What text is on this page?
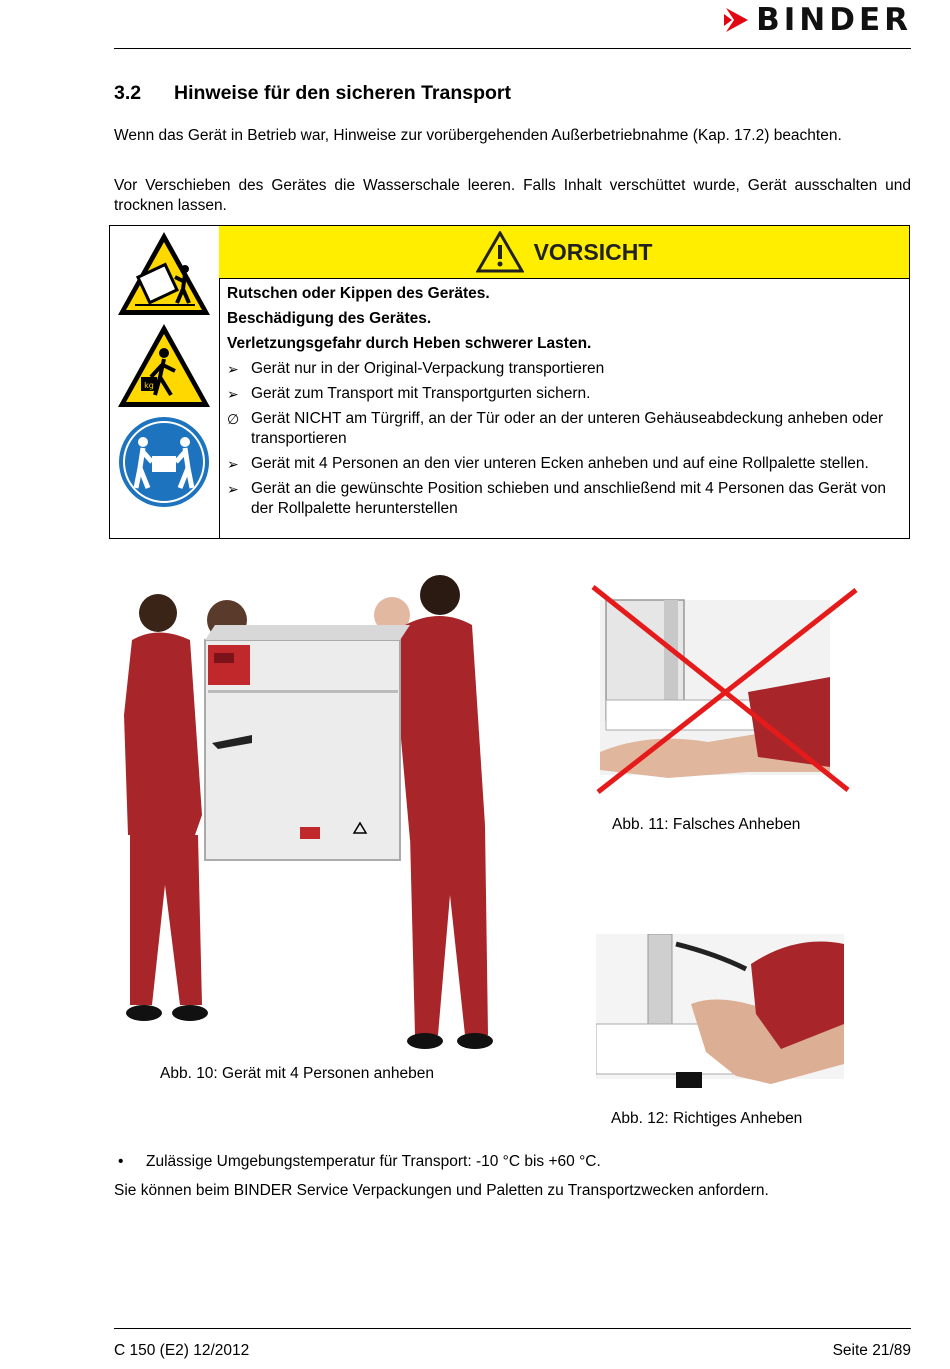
BINDER
3.2 Hinweise für den sicheren Transport
Wenn das Gerät in Betrieb war, Hinweise zur vorübergehenden Außerbetriebnahme (Kap. 17.2) beachten.
Vor Verschieben des Gerätes die Wasserschale leeren. Falls Inhalt verschüttet wurde, Gerät ausschalten und trocknen lassen.
kg
VORSICHT
Rutschen oder Kippen des Gerätes.
Beschädigung des Gerätes.
Verletzungsgefahr durch Heben schwerer Lasten.
➢ Gerät nur in der Original-Verpackung transportieren
➢ Gerät zum Transport mit Transportgurten sichern.
∅ Gerät NICHT am Türgriff, an der Tür oder an der unteren Gehäuseabdeckung anheben oder transportieren
➢ Gerät mit 4 Personen an den vier unteren Ecken anheben und auf eine Rollpalette stellen.
➢ Gerät an die gewünschte Position schieben und anschließend mit 4 Personen das Gerät von der Rollpalette herunterstellen
Abb. 10: Gerät mit 4 Personen anheben
Abb. 11: Falsches Anheben
Abb. 12: Richtiges Anheben
• Zulässige Umgebungstemperatur für Transport: -10 °C bis +60 °C.
Sie können beim BINDER Service Verpackungen und Paletten zu Transportzwecken anfordern.
C 150 (E2) 12/2012	Seite 21/89
